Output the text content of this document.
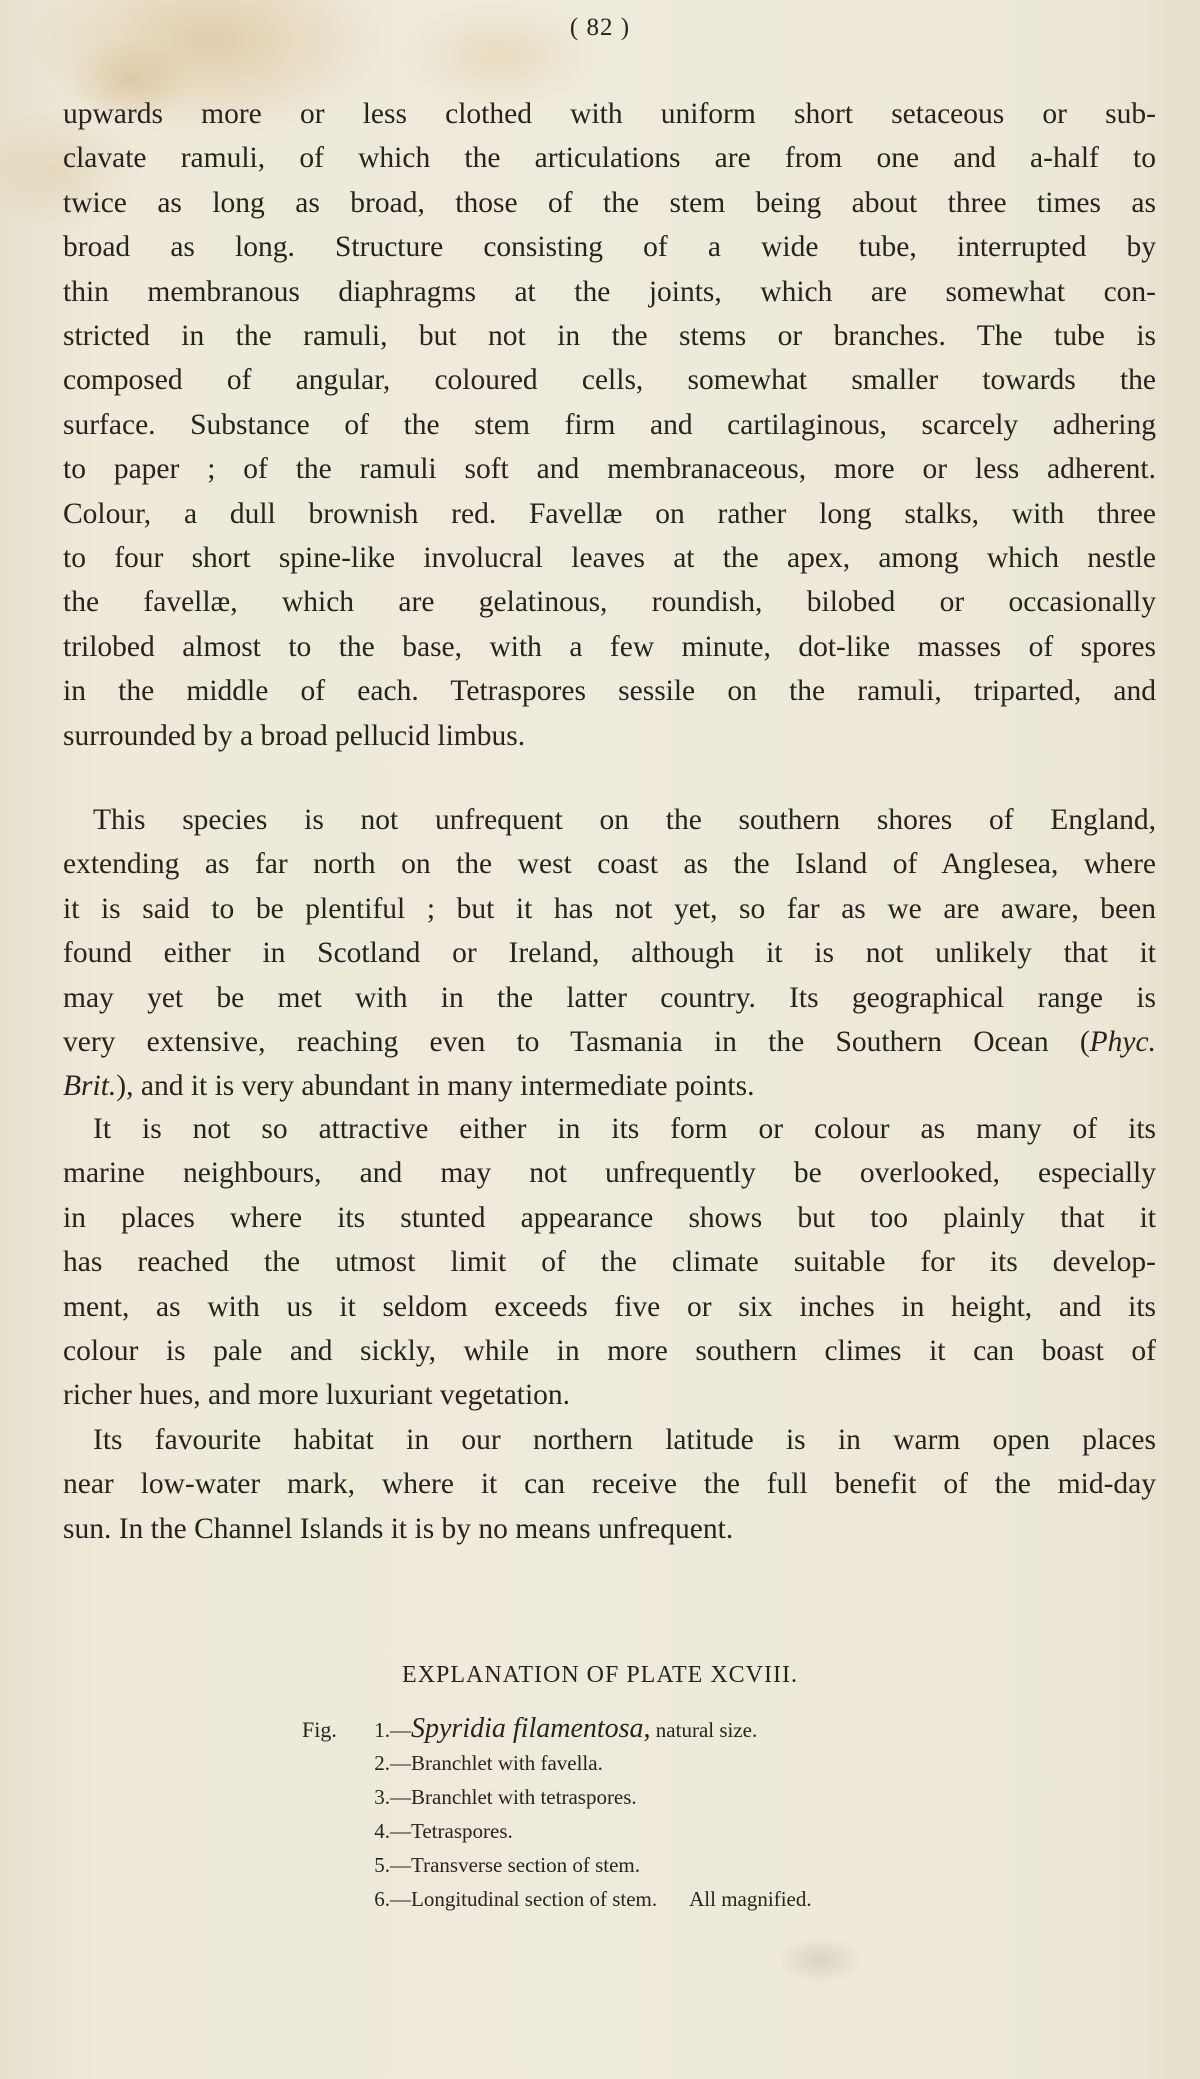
( 82 )

upwards more or less clothed with uniform short setaceous or sub-
clavate ramuli, of which the articulations are from one and a-half to
twice as long as broad, those of the stem being about three times as
broad as long. Structure consisting of a wide tube, interrupted by
thin membranous diaphragms at the joints, which are somewhat con-
stricted in the ramuli, but not in the stems or branches. The tube is
composed of angular, coloured cells, somewhat smaller towards the
surface. Substance of the stem firm and cartilaginous, scarcely adhering
to paper ; of the ramuli soft and membranaceous, more or less adherent.
Colour, a dull brownish red. Favellæ on rather long stalks, with three
to four short spine-like involucral leaves at the apex, among which nestle
the favellæ, which are gelatinous, roundish, bilobed or occasionally
trilobed almost to the base, with a few minute, dot-like masses of spores
in the middle of each. Tetraspores sessile on the ramuli, triparted, and
surrounded by a broad pellucid limbus.

This species is not unfrequent on the southern shores of England,
extending as far north on the west coast as the Island of Anglesea, where
it is said to be plentiful ; but it has not yet, so far as we are aware, been
found either in Scotland or Ireland, although it is not unlikely that it
may yet be met with in the latter country. Its geographical range is
very extensive, reaching even to Tasmania in the Southern Ocean (Phyc.
Brit.), and it is very abundant in many intermediate points.

It is not so attractive either in its form or colour as many of its
marine neighbours, and may not unfrequently be overlooked, especially
in places where its stunted appearance shows but too plainly that it
has reached the utmost limit of the climate suitable for its develop-
ment, as with us it seldom exceeds five or six inches in height, and its
colour is pale and sickly, while in more southern climes it can boast of
richer hues, and more luxuriant vegetation.

Its favourite habitat in our northern latitude is in warm open places
near low-water mark, where it can receive the full benefit of the mid-day
sun. In the Channel Islands it is by no means unfrequent.

EXPLANATION OF PLATE XCVIII.
Fig. 1.—Spyridia filamentosa, natural size.
2.—Branchlet with favella.
3.—Branchlet with tetraspores.
4.—Tetraspores.
5.—Transverse section of stem.
6.—Longitudinal section of stem. All magnified.
